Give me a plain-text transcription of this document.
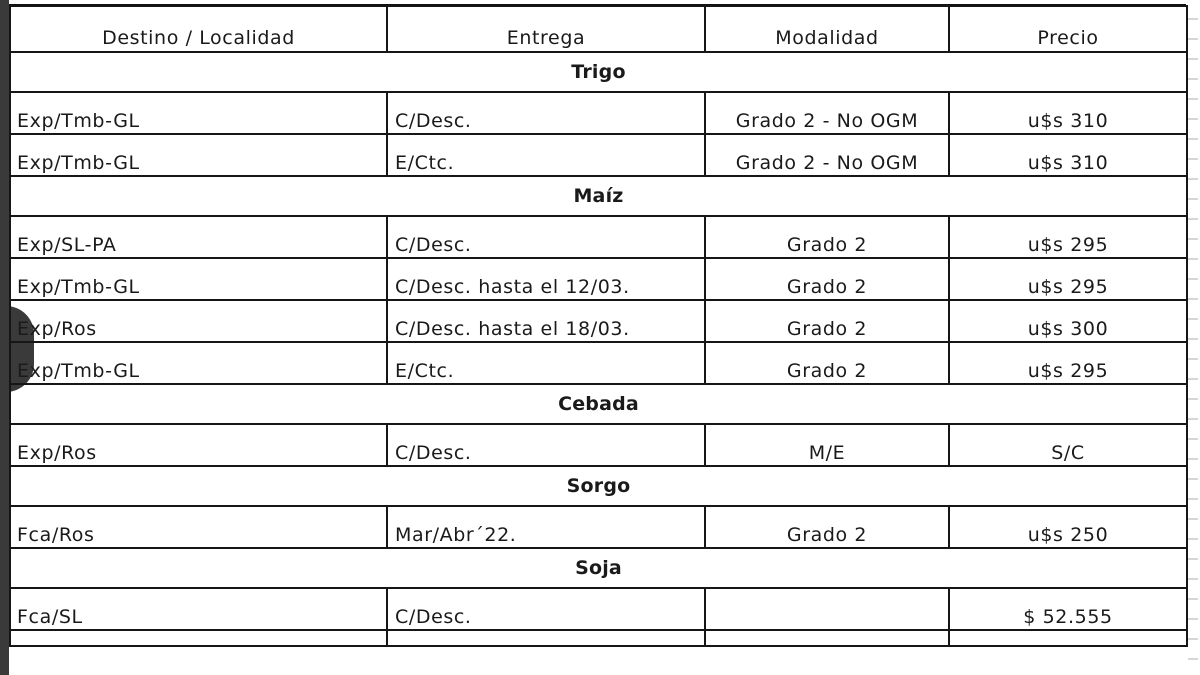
Destino / Localidad	Entrega	Modalidad	Precio
Trigo			
Exp/Tmb-GL	C/Desc.	Grado 2 - No OGM	u$s 310
Exp/Tmb-GL	E/Ctc.	Grado 2 - No OGM	u$s 310
Maíz			
Exp/SL-PA	C/Desc.	Grado 2	u$s 295
Exp/Tmb-GL	C/Desc. hasta el 12/03.	Grado 2	u$s 295
Exp/Ros	C/Desc. hasta el 18/03.	Grado 2	u$s 300
Exp/Tmb-GL	E/Ctc.	Grado 2	u$s 295
Cebada			
Exp/Ros	C/Desc.	M/E	S/C
Sorgo			
Fca/Ros	Mar/Abr´22.	Grado 2	u$s 250
Soja			
Fca/SL	C/Desc.		$ 52.555
